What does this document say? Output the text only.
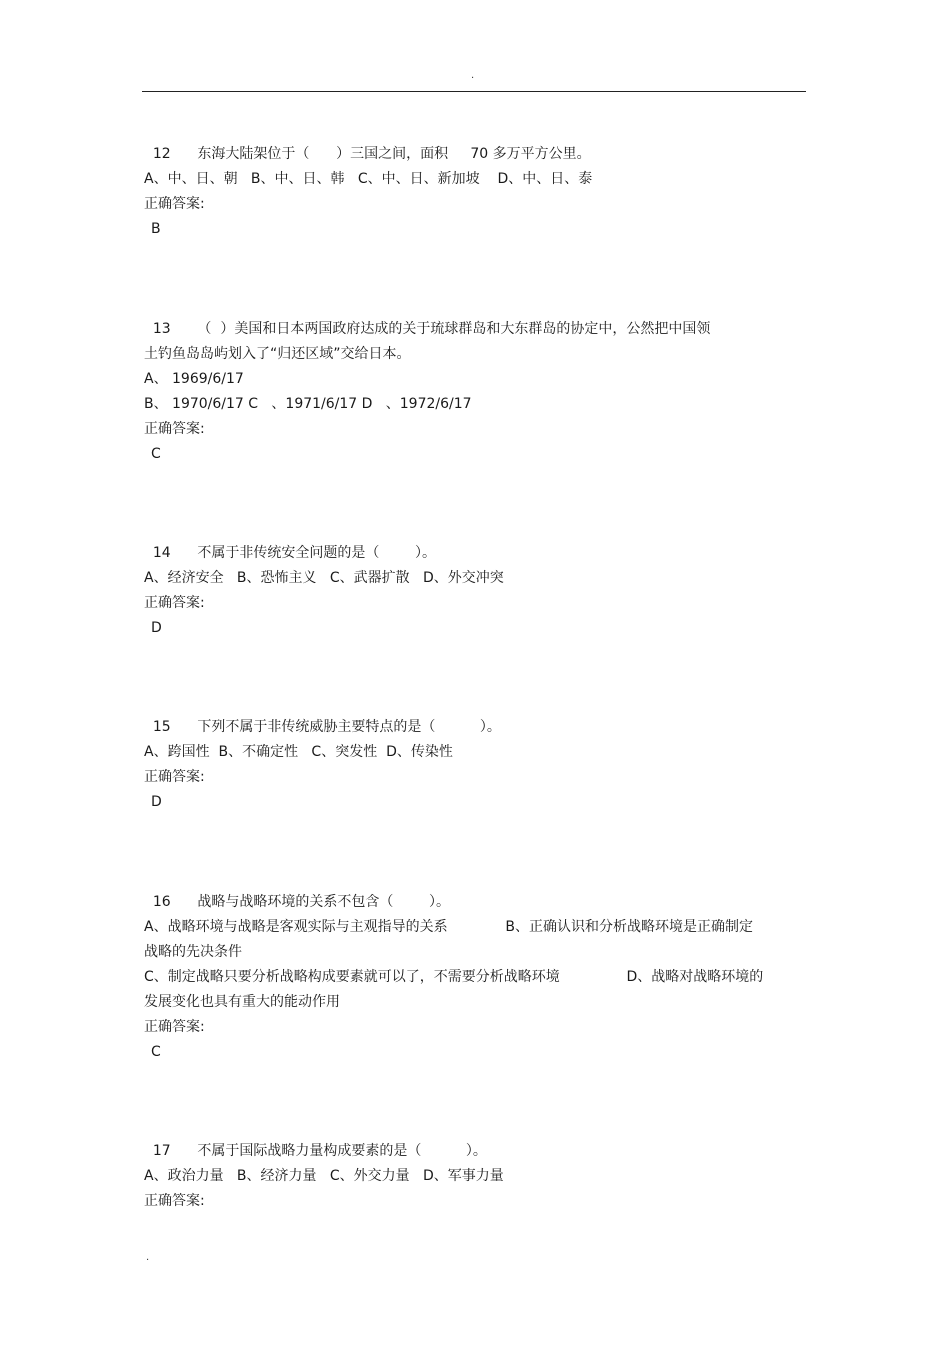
.
12      东海大陆架位于（      ）三国之间，面积     70 多万平方公里。
A、中、日、朝   B、中、日、韩   C、中、日、新加坡    D、中、日、泰
正确答案:
B
13      （  ）美国和日本两国政府达成的关于琉球群岛和大东群岛的协定中，公然把中国领
土钓鱼岛岛屿划入了“归还区域”交给日本。
A、 1969/6/17
B、 1970/6/17 C   、1971/6/17 D   、1972/6/17
正确答案:
C
14      不属于非传统安全问题的是（        ）。
A、经济安全   B、恐怖主义   C、武器扩散   D、外交冲突
正确答案:
D
15      下列不属于非传统威胁主要特点的是（          ）。
A、跨国性  B、不确定性   C、突发性  D、传染性
正确答案:
D
16      战略与战略环境的关系不包含（        ）。
A、战略环境与战略是客观实际与主观指导的关系             B、正确认识和分析战略环境是正确制定
战略的先决条件
C、制定战略只要分析战略构成要素就可以了，不需要分析战略环境               D、战略对战略环境的
发展变化也具有重大的能动作用
正确答案:
C
17      不属于国际战略力量构成要素的是（          ）。
A、政治力量   B、经济力量   C、外交力量   D、军事力量
正确答案:
.
